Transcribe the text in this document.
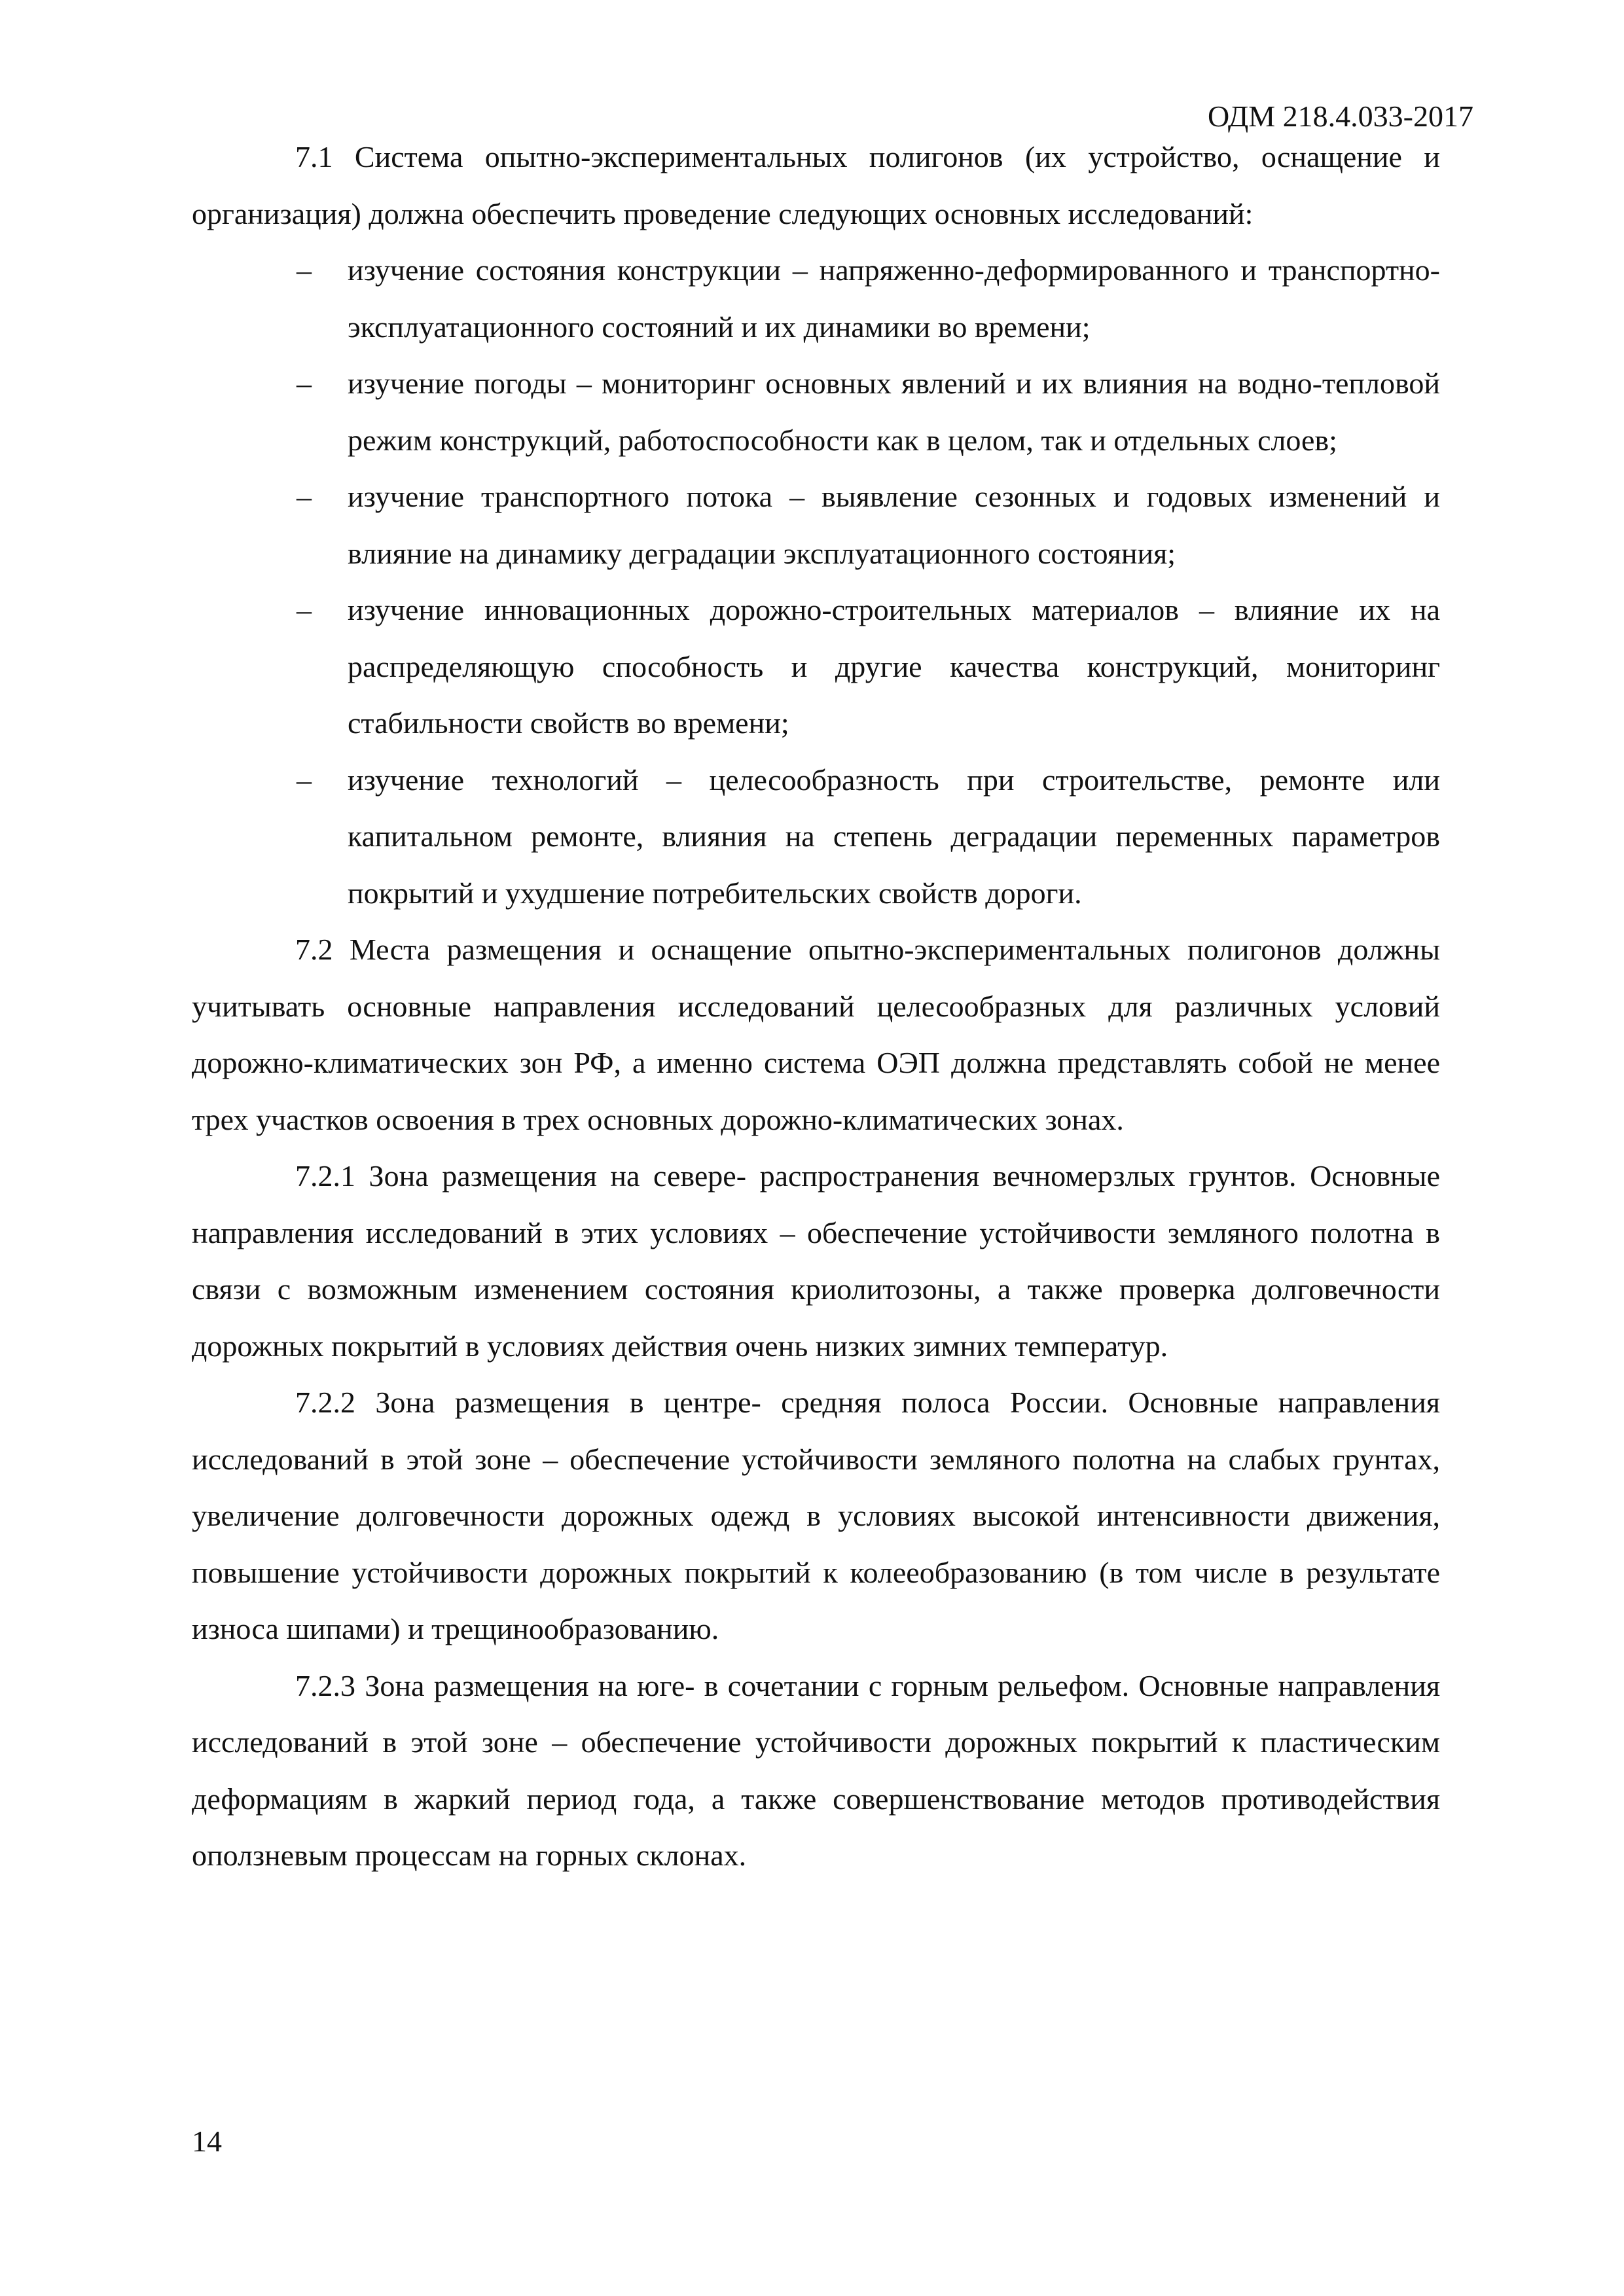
ОДМ 218.4.033-2017

7.1 Система опытно-экспериментальных полигонов (их устройство, оснащение и организация) должна обеспечить проведение следующих основных исследований:

– изучение состояния конструкции – напряженно-деформированного и транспортно-эксплуатационного состояний и их динамики во времени;
– изучение погоды – мониторинг основных явлений и их влияния на водно-тепловой режим конструкций, работоспособности как в целом, так и отдельных слоев;
– изучение транспортного потока – выявление сезонных и годовых изменений и влияние на динамику деградации эксплуатационного состояния;
– изучение инновационных дорожно-строительных материалов – влияние их на распределяющую способность и другие качества конструкций, мониторинг стабильности свойств во времени;
– изучение технологий – целесообразность при строительстве, ремонте или капитальном ремонте, влияния на степень деградации переменных параметров покрытий и ухудшение потребительских свойств дороги.

7.2 Места размещения и оснащение опытно-экспериментальных полигонов должны учитывать основные направления исследований целесообразных для различных условий дорожно-климатических зон РФ, а именно система ОЭП должна представлять собой не менее трех участков освоения в трех основных дорожно-климатических зонах.

7.2.1 Зона размещения на севере- распространения вечномерзлых грунтов. Основные направления исследований в этих условиях – обеспечение устойчивости земляного полотна в связи с возможным изменением состояния криолитозоны, а также проверка долговечности дорожных покрытий в условиях действия очень низких зимних температур.

7.2.2 Зона размещения в центре- средняя полоса России. Основные направления исследований в этой зоне – обеспечение устойчивости земляного полотна на слабых грунтах, увеличение долговечности дорожных одежд в условиях высокой интенсивности движения, повышение устойчивости дорожных покрытий к колееобразованию (в том числе в результате износа шипами) и трещинообразованию.

7.2.3 Зона размещения на юге- в сочетании с горным рельефом. Основные направления исследований в этой зоне – обеспечение устойчивости дорожных покрытий к пластическим деформациям в жаркий период года, а также совершенствование методов противодействия оползневым процессам на горных склонах.

14
